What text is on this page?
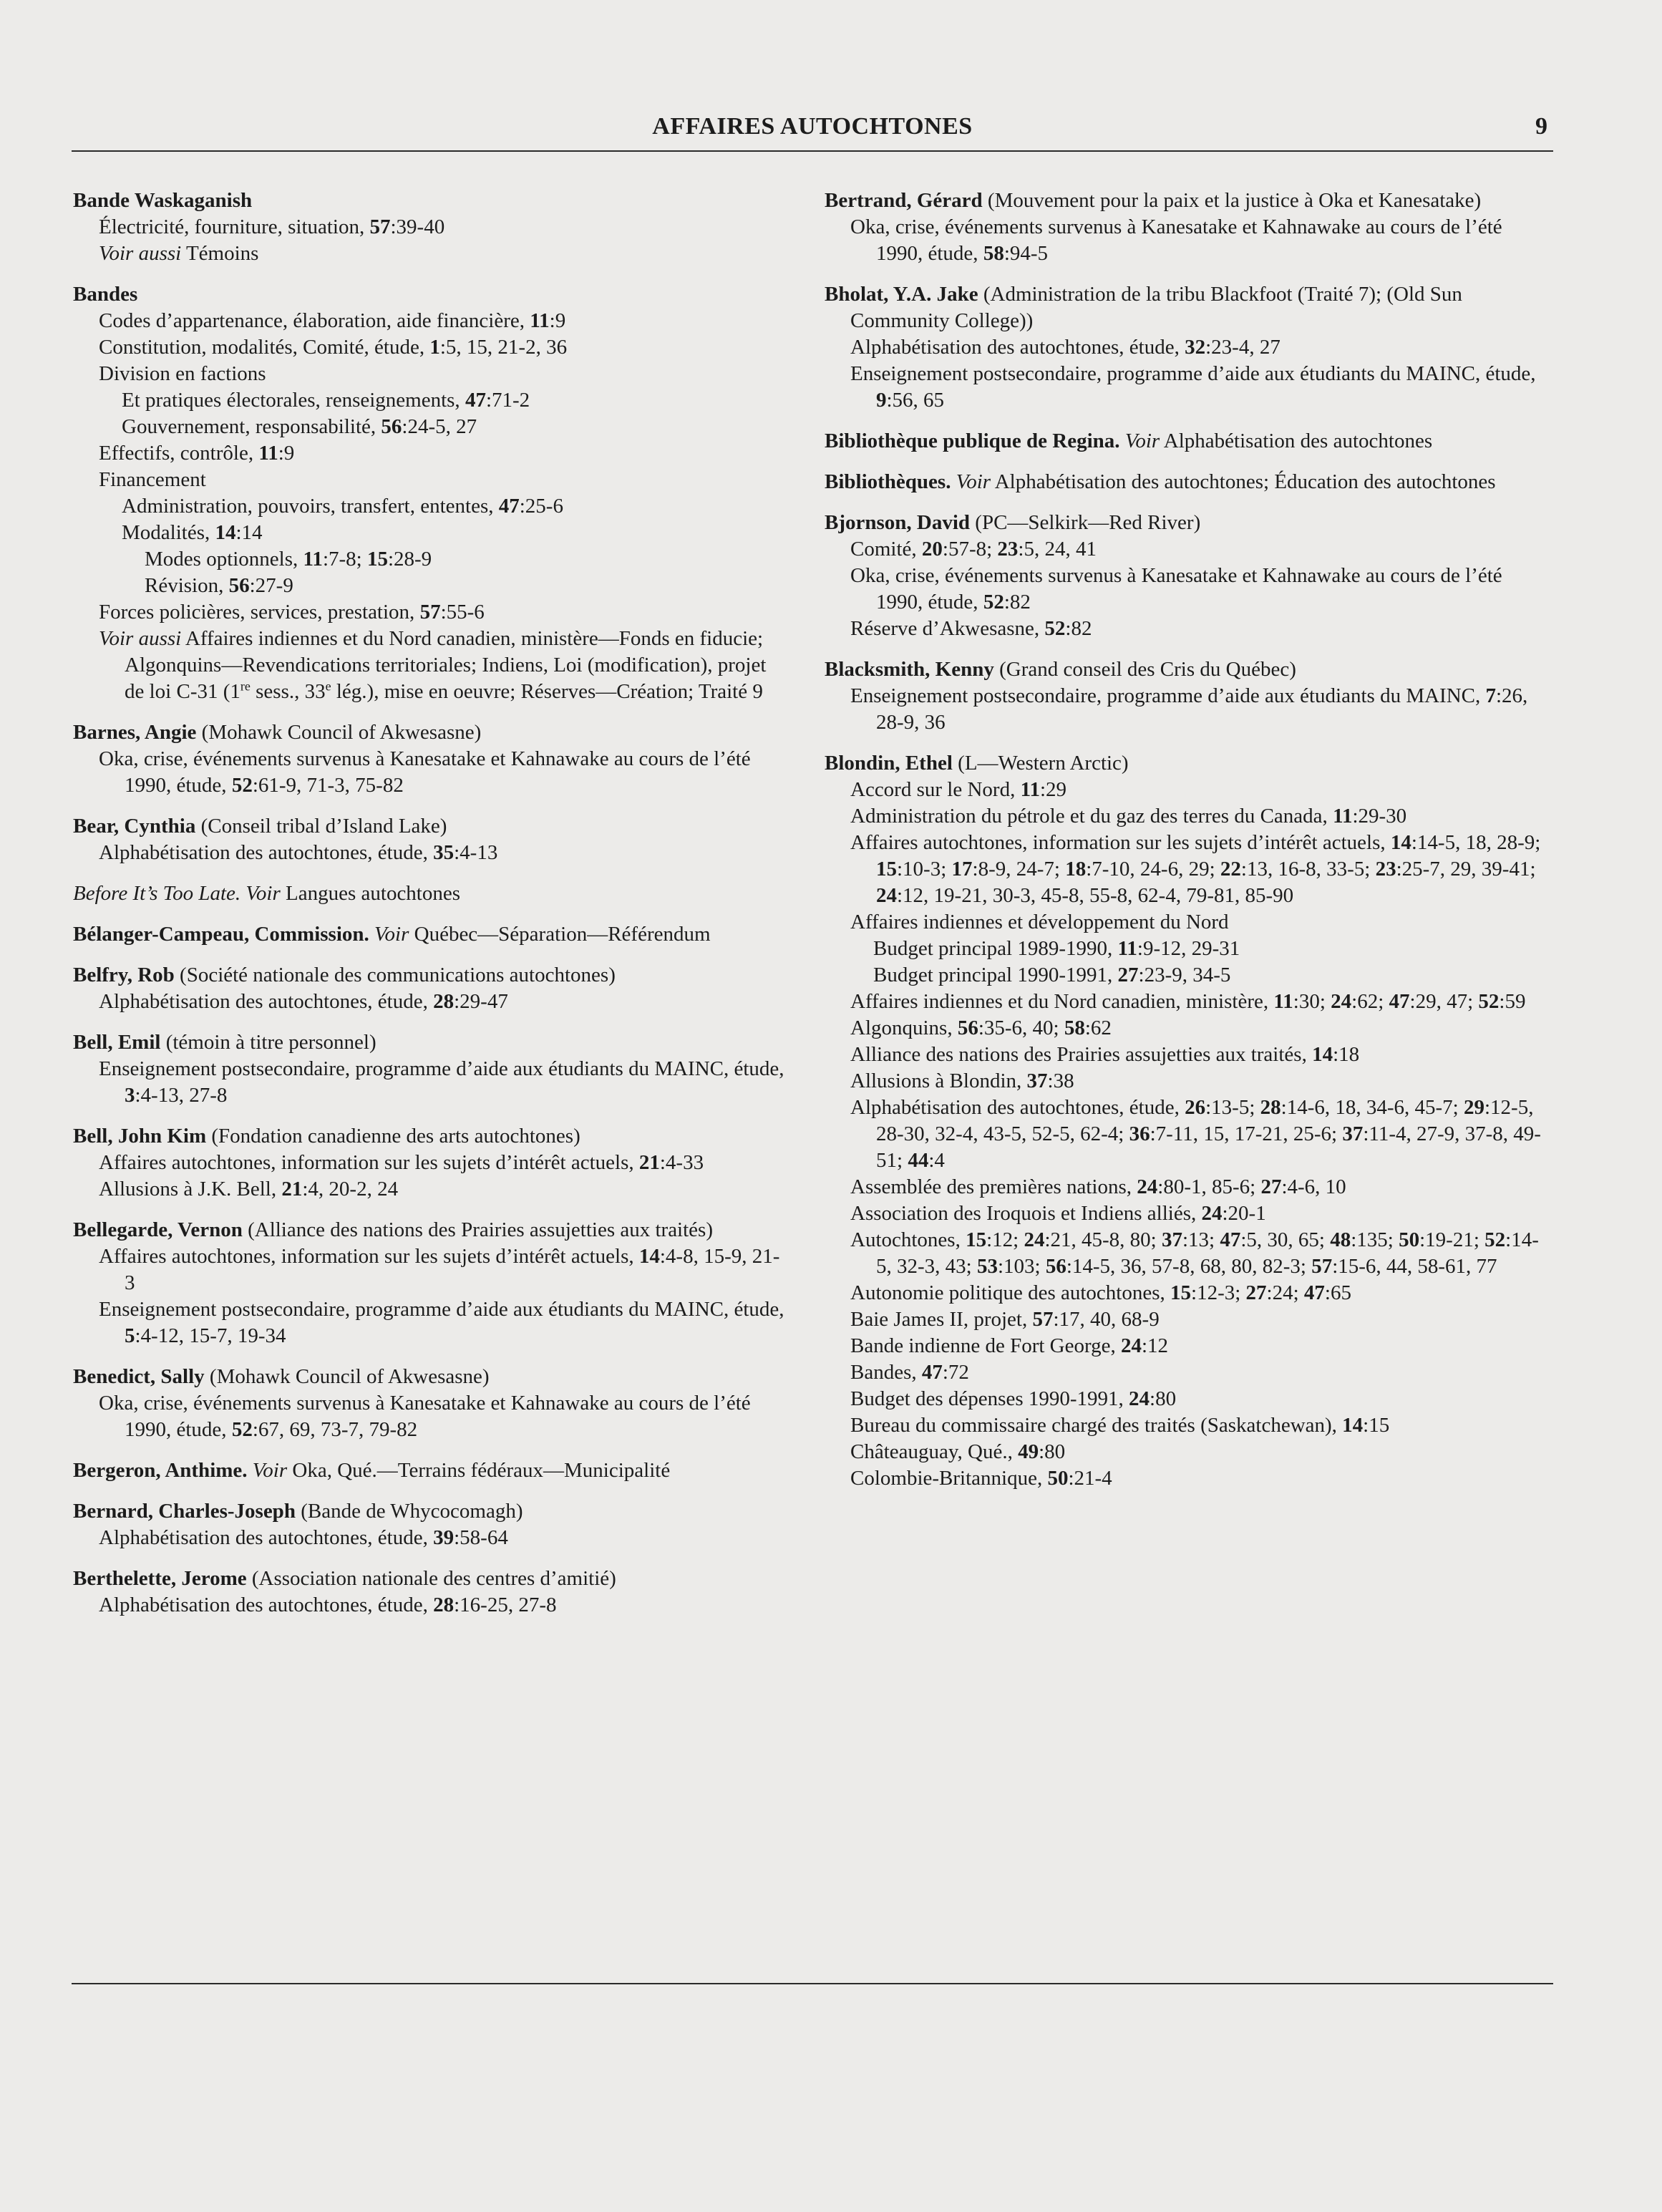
AFFAIRES AUTOCHTONES	9
Bande Waskaganish
Électricité, fourniture, situation, 57:39-40
Voir aussi Témoins
Bandes
Codes d’appartenance, élaboration, aide financière, 11:9
Constitution, modalités, Comité, étude, 1:5, 15, 21-2, 36
Division en factions
Et pratiques électorales, renseignements, 47:71-2
Gouvernement, responsabilité, 56:24-5, 27
Effectifs, contrôle, 11:9
Financement
Administration, pouvoirs, transfert, ententes, 47:25-6
Modalités, 14:14
Modes optionnels, 11:7-8; 15:28-9
Révision, 56:27-9
Forces policières, services, prestation, 57:55-6
Voir aussi Affaires indiennes et du Nord canadien, ministère—Fonds en fiducie; Algonquins—Revendications territoriales; Indiens, Loi (modification), projet de loi C-31 (1re sess., 33e lég.), mise en oeuvre; Réserves—Création; Traité 9
Barnes, Angie (Mohawk Council of Akwesasne)
Oka, crise, événements survenus à Kanesatake et Kahnawake au cours de l’été 1990, étude, 52:61-9, 71-3, 75-82
Bear, Cynthia (Conseil tribal d’Island Lake)
Alphabétisation des autochtones, étude, 35:4-13
Before It’s Too Late. Voir Langues autochtones
Bélanger-Campeau, Commission. Voir Québec—Séparation—Référendum
Belfry, Rob (Société nationale des communications autochtones)
Alphabétisation des autochtones, étude, 28:29-47
Bell, Emil (témoin à titre personnel)
Enseignement postsecondaire, programme d’aide aux étudiants du MAINC, étude, 3:4-13, 27-8
Bell, John Kim (Fondation canadienne des arts autochtones)
Affaires autochtones, information sur les sujets d’intérêt actuels, 21:4-33
Allusions à J.K. Bell, 21:4, 20-2, 24
Bellegarde, Vernon (Alliance des nations des Prairies assujetties aux traités)
Affaires autochtones, information sur les sujets d’intérêt actuels, 14:4-8, 15-9, 21-3
Enseignement postsecondaire, programme d’aide aux étudiants du MAINC, étude, 5:4-12, 15-7, 19-34
Benedict, Sally (Mohawk Council of Akwesasne)
Oka, crise, événements survenus à Kanesatake et Kahnawake au cours de l’été 1990, étude, 52:67, 69, 73-7, 79-82
Bergeron, Anthime. Voir Oka, Qué.—Terrains fédéraux—Municipalité
Bernard, Charles-Joseph (Bande de Whycocomagh)
Alphabétisation des autochtones, étude, 39:58-64
Berthelette, Jerome (Association nationale des centres d’amitié)
Alphabétisation des autochtones, étude, 28:16-25, 27-8
Bertrand, Gérard (Mouvement pour la paix et la justice à Oka et Kanesatake)
Oka, crise, événements survenus à Kanesatake et Kahnawake au cours de l’été 1990, étude, 58:94-5
Bholat, Y.A. Jake (Administration de la tribu Blackfoot (Traité 7); (Old Sun Community College))
Alphabétisation des autochtones, étude, 32:23-4, 27
Enseignement postsecondaire, programme d’aide aux étudiants du MAINC, étude, 9:56, 65
Bibliothèque publique de Regina. Voir Alphabétisation des autochtones
Bibliothèques. Voir Alphabétisation des autochtones; Éducation des autochtones
Bjornson, David (PC—Selkirk—Red River)
Comité, 20:57-8; 23:5, 24, 41
Oka, crise, événements survenus à Kanesatake et Kahnawake au cours de l’été 1990, étude, 52:82
Réserve d’Akwesasne, 52:82
Blacksmith, Kenny (Grand conseil des Cris du Québec)
Enseignement postsecondaire, programme d’aide aux étudiants du MAINC, 7:26, 28-9, 36
Blondin, Ethel (L—Western Arctic)
Accord sur le Nord, 11:29
Administration du pétrole et du gaz des terres du Canada, 11:29-30
Affaires autochtones, information sur les sujets d’intérêt actuels, 14:14-5, 18, 28-9; 15:10-3; 17:8-9, 24-7; 18:7-10, 24-6, 29; 22:13, 16-8, 33-5; 23:25-7, 29, 39-41; 24:12, 19-21, 30-3, 45-8, 55-8, 62-4, 79-81, 85-90
Affaires indiennes et développement du Nord
Budget principal 1989-1990, 11:9-12, 29-31
Budget principal 1990-1991, 27:23-9, 34-5
Affaires indiennes et du Nord canadien, ministère, 11:30; 24:62; 47:29, 47; 52:59
Algonquins, 56:35-6, 40; 58:62
Alliance des nations des Prairies assujetties aux traités, 14:18
Allusions à Blondin, 37:38
Alphabétisation des autochtones, étude, 26:13-5; 28:14-6, 18, 34-6, 45-7; 29:12-5, 28-30, 32-4, 43-5, 52-5, 62-4; 36:7-11, 15, 17-21, 25-6; 37:11-4, 27-9, 37-8, 49-51; 44:4
Assemblée des premières nations, 24:80-1, 85-6; 27:4-6, 10
Association des Iroquois et Indiens alliés, 24:20-1
Autochtones, 15:12; 24:21, 45-8, 80; 37:13; 47:5, 30, 65; 48:135; 50:19-21; 52:14-5, 32-3, 43; 53:103; 56:14-5, 36, 57-8, 68, 80, 82-3; 57:15-6, 44, 58-61, 77
Autonomie politique des autochtones, 15:12-3; 27:24; 47:65
Baie James II, projet, 57:17, 40, 68-9
Bande indienne de Fort George, 24:12
Bandes, 47:72
Budget des dépenses 1990-1991, 24:80
Bureau du commissaire chargé des traités (Saskatchewan), 14:15
Châteauguay, Qué., 49:80
Colombie-Britannique, 50:21-4
